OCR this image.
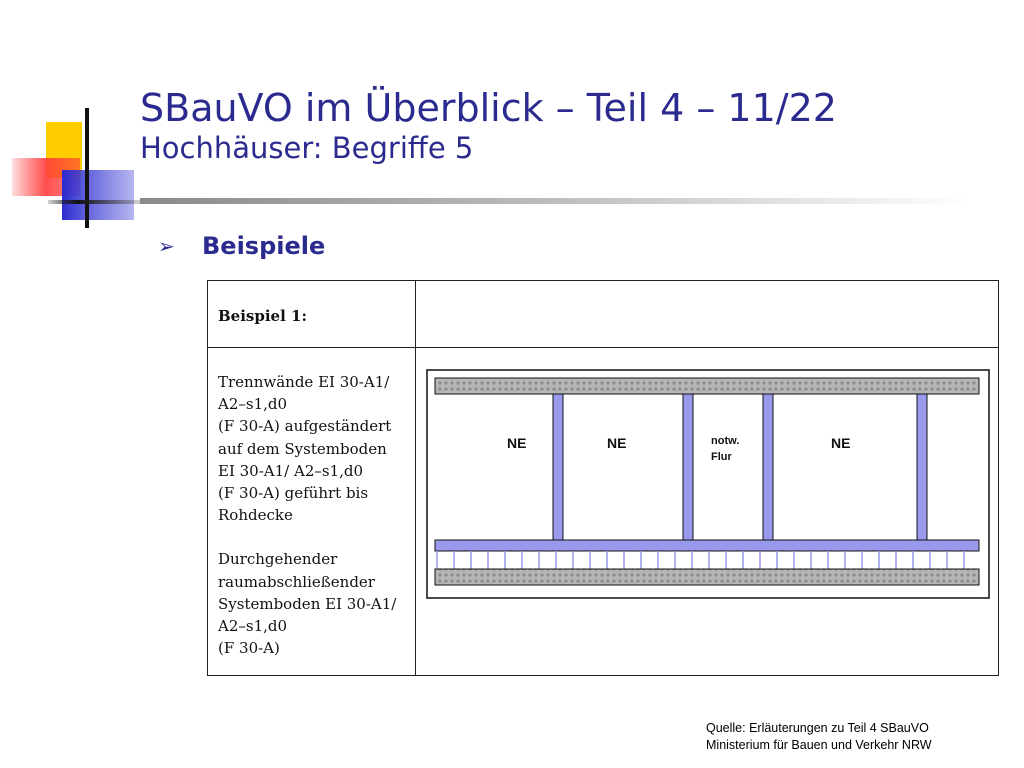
SBauVO im Überblick – Teil 4 – 11/22
Hochhäuser: Begriffe 5
➢	Beispiele
Beispiel 1:

Trennwände EI 30-A1/

A2–s1,d0

(F 30-A) aufgeständert

auf dem Systemboden

EI 30-A1/ A2–s1,d0

(F 30-A) geführt bis

Rohdecke

Durchgehender

raumabschließender

Systemboden EI 30-A1/

A2–s1,d0

(F 30-A)

NE	NE	notw.
Flur
NE
Quelle: Erläuterungen zu Teil 4 SBauVO
Ministerium für Bauen und Verkehr NRW
